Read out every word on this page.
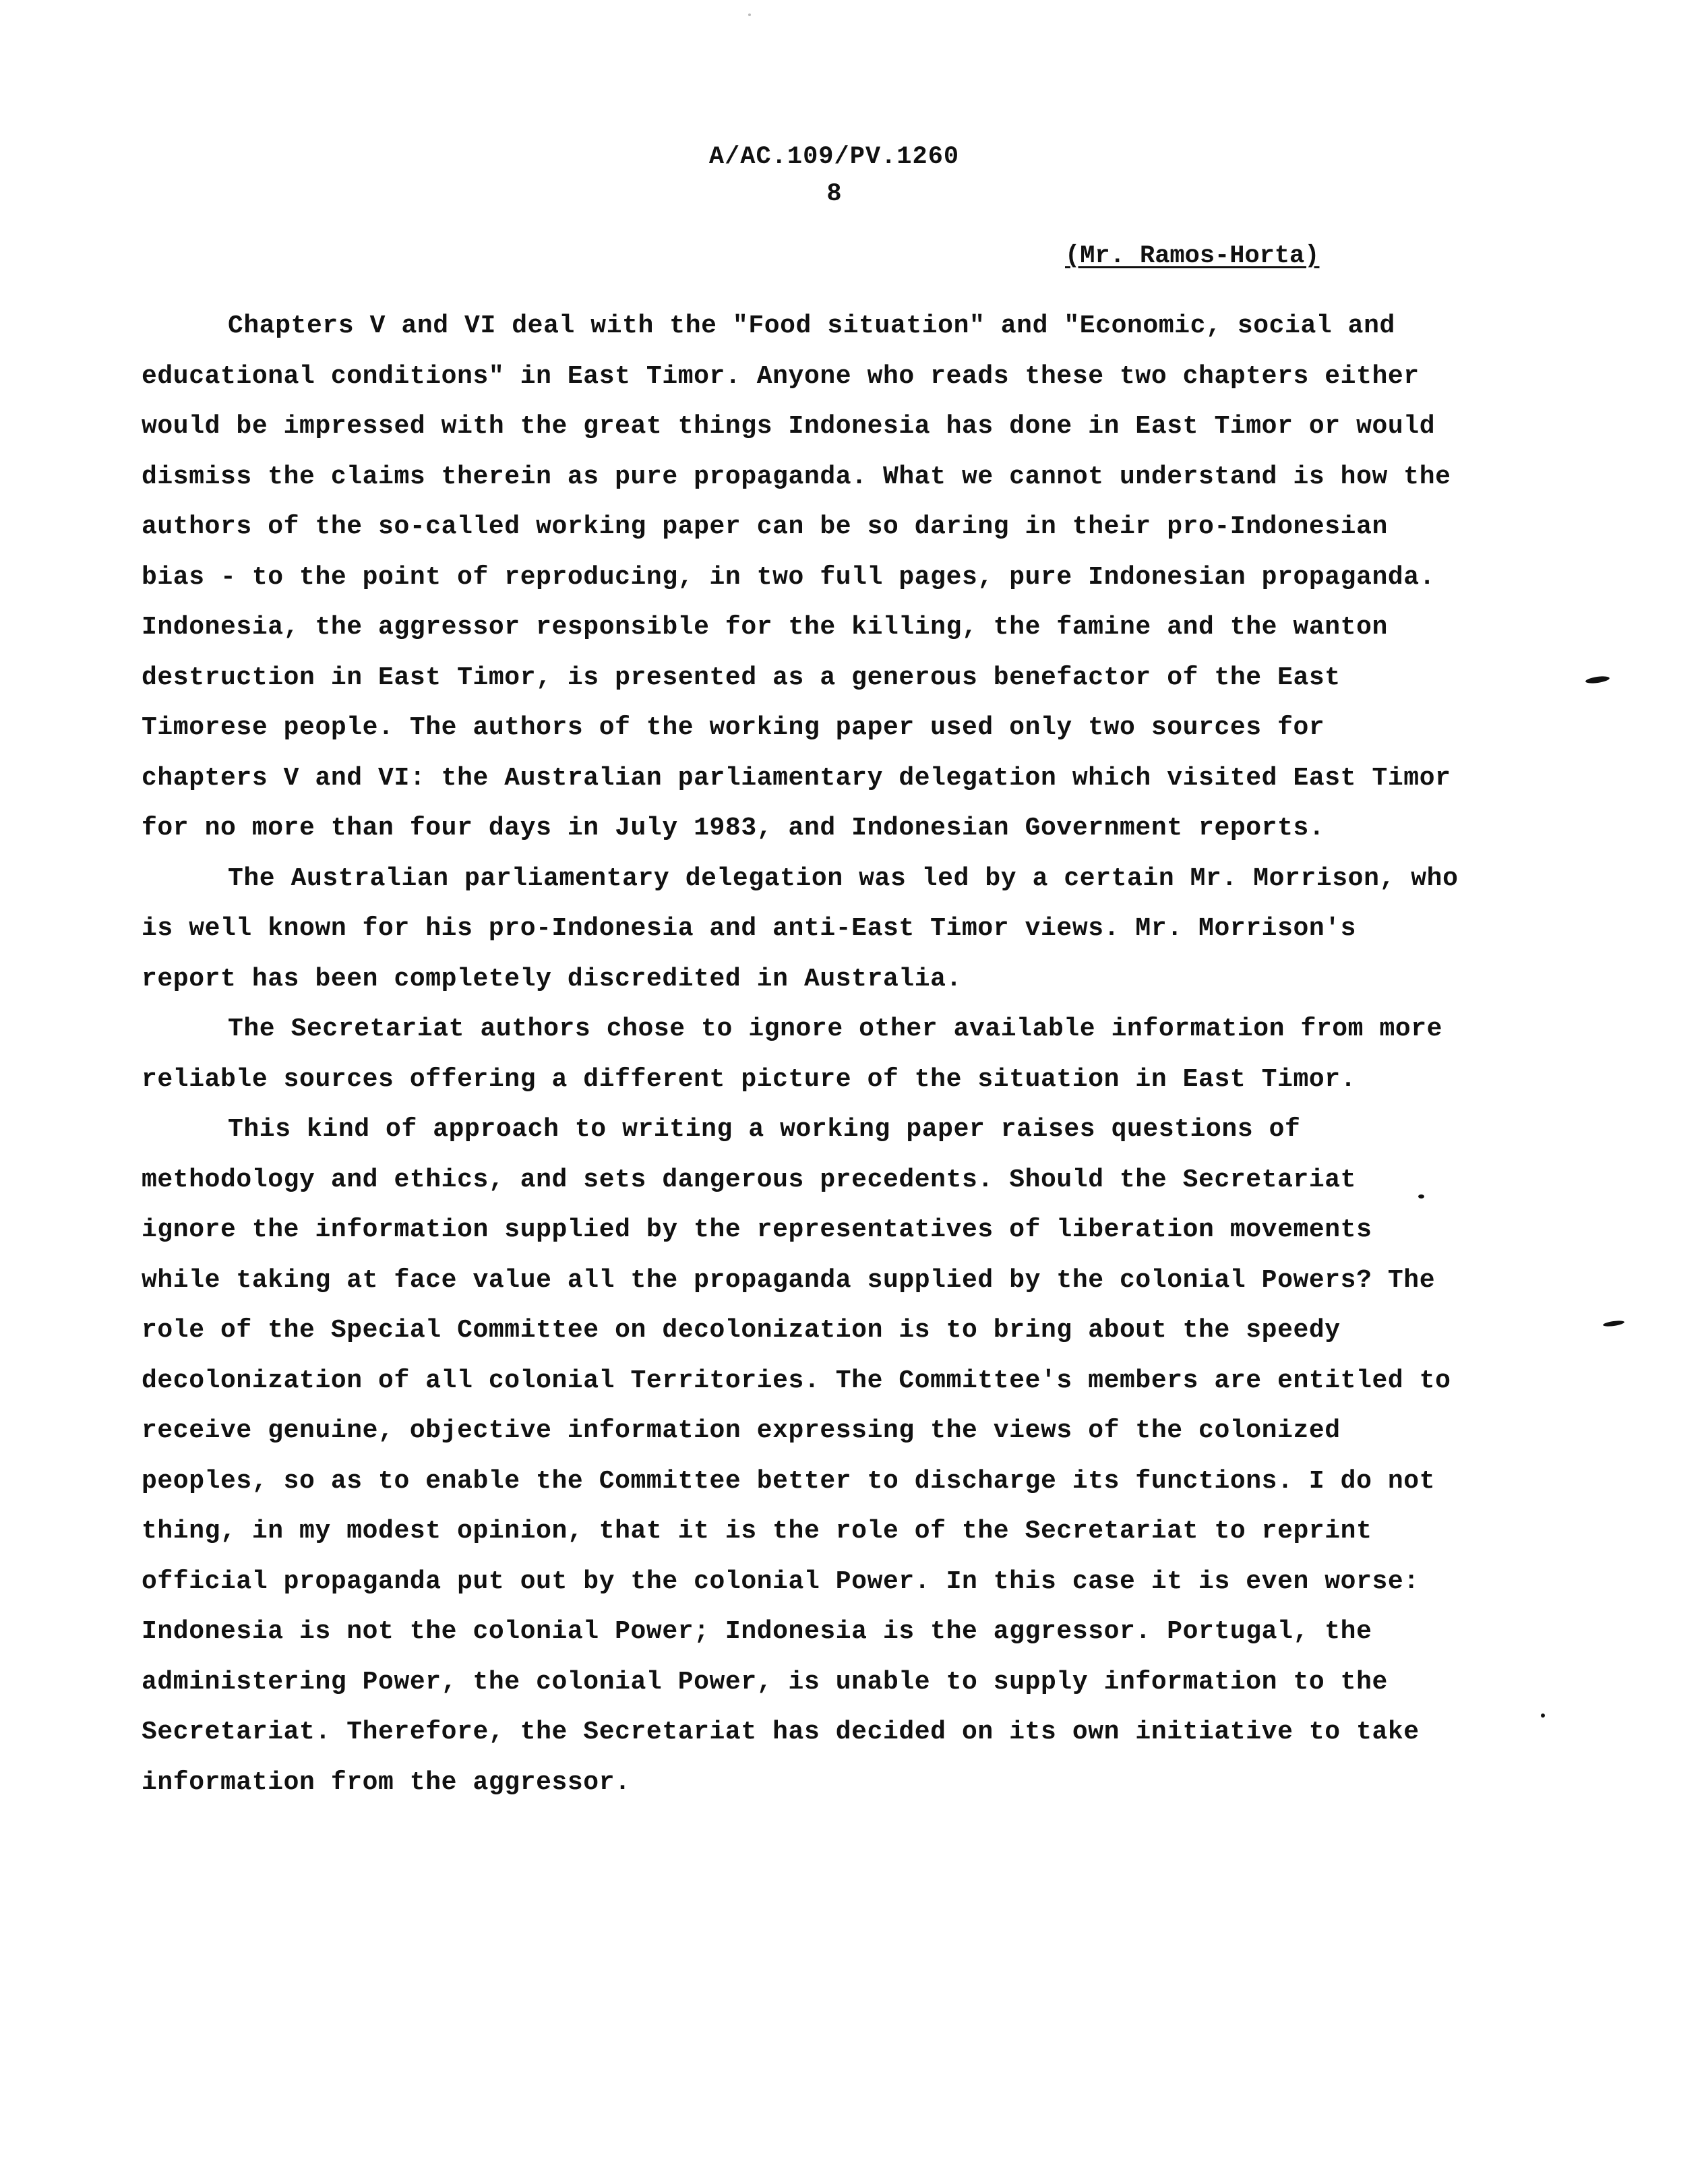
A/AC.109/PV.1260
8
(Mr. Ramos-Horta)

Chapters V and VI deal with the "Food situation" and "Economic, social and educational conditions" in East Timor. Anyone who reads these two chapters either would be impressed with the great things Indonesia has done in East Timor or would dismiss the claims therein as pure propaganda. What we cannot understand is how the authors of the so-called working paper can be so daring in their pro-Indonesian bias - to the point of reproducing, in two full pages, pure Indonesian propaganda. Indonesia, the aggressor responsible for the killing, the famine and the wanton destruction in East Timor, is presented as a generous benefactor of the East Timorese people. The authors of the working paper used only two sources for chapters V and VI: the Australian parliamentary delegation which visited East Timor for no more than four days in July 1983, and Indonesian Government reports.

The Australian parliamentary delegation was led by a certain Mr. Morrison, who is well known for his pro-Indonesia and anti-East Timor views. Mr. Morrison's report has been completely discredited in Australia.

The Secretariat authors chose to ignore other available information from more reliable sources offering a different picture of the situation in East Timor.

This kind of approach to writing a working paper raises questions of methodology and ethics, and sets dangerous precedents. Should the Secretariat ignore the information supplied by the representatives of liberation movements while taking at face value all the propaganda supplied by the colonial Powers? The role of the Special Committee on decolonization is to bring about the speedy decolonization of all colonial Territories. The Committee's members are entitled to receive genuine, objective information expressing the views of the colonized peoples, so as to enable the Committee better to discharge its functions. I do not thing, in my modest opinion, that it is the role of the Secretariat to reprint official propaganda put out by the colonial Power. In this case it is even worse: Indonesia is not the colonial Power; Indonesia is the aggressor. Portugal, the administering Power, the colonial Power, is unable to supply information to the Secretariat. Therefore, the Secretariat has decided on its own initiative to take information from the aggressor.
